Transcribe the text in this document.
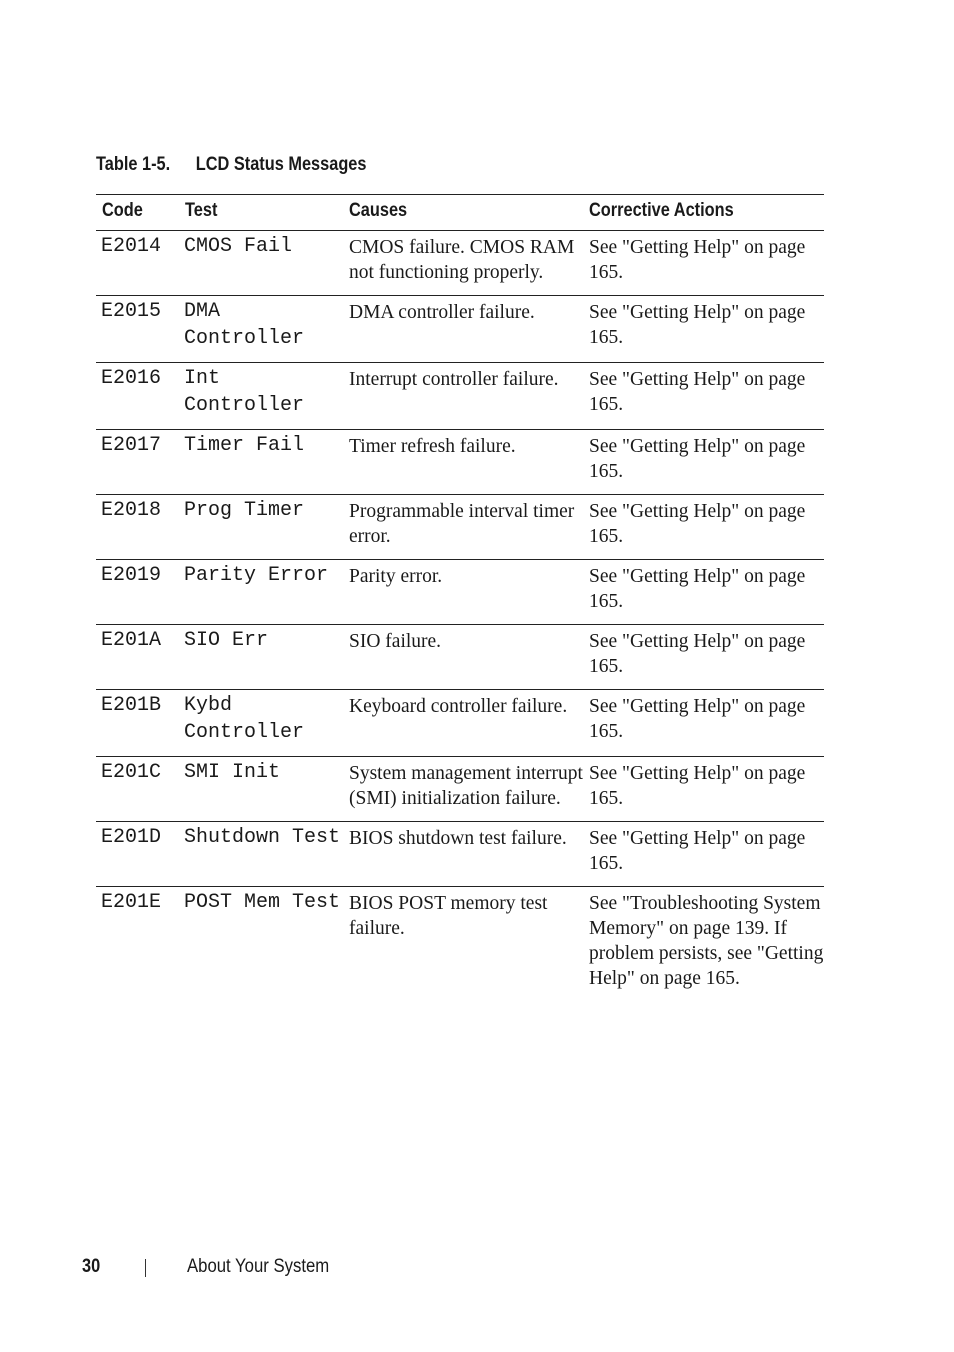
Table 1-5. LCD Status Messages
Code	Test	Causes	Corrective Actions
E2014	CMOS Fail	CMOS failure. CMOS RAM not functioning properly.	See "Getting Help" on page 165.
E2015	DMA Controller	DMA controller failure.	See "Getting Help" on page 165.
E2016	Int Controller	Interrupt controller failure.	See "Getting Help" on page 165.
E2017	Timer Fail	Timer refresh failure.	See "Getting Help" on page 165.
E2018	Prog Timer	Programmable interval timer error.	See "Getting Help" on page 165.
E2019	Parity Error	Parity error.	See "Getting Help" on page 165.
E201A	SIO Err	SIO failure.	See "Getting Help" on page 165.
E201B	Kybd Controller	Keyboard controller failure.	See "Getting Help" on page 165.
E201C	SMI Init	System management interrupt (SMI) initialization failure.	See "Getting Help" on page 165.
E201D	Shutdown Test	BIOS shutdown test failure.	See "Getting Help" on page 165.
E201E	POST Mem Test	BIOS POST memory test failure.	See "Troubleshooting System Memory" on page 139. If problem persists, see "Getting Help" on page 165.
30	About Your System
